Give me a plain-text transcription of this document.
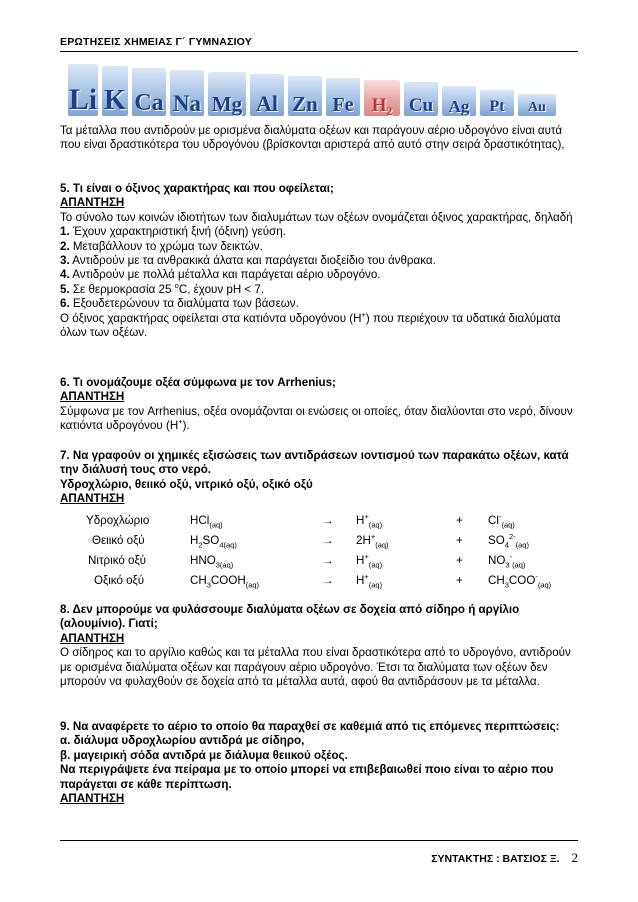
ΕΡΩΤΗΣΕΙΣ ΧΗΜΕΙΑΣ Γ΄ ΓΥΜΝΑΣΙΟΥ
Li K Ca Na Mg Al Zn Fe H₂ Cu Ag Pt Au

Τα μέταλλα που αντιδρούν με ορισμένα διαλύματα οξέων και παράγουν αέριο υδρογόνο είναι αυτά που είναι δραστικότερα του υδρογόνου (βρίσκονται αριστερά από αυτό στην σειρά δραστικότητας),

5. Τι είναι ο όξινος χαρακτήρας και που οφείλεται;

ΑΠΑΝΤΗΣΗ

Το σύνολο των κοινών ιδιοτήτων των διαλυμάτων των οξέων ονομάζεται όξινος χαρακτήρας, δηλαδή

1. Έχουν χαρακτηριστική ξινή (όξινη) γεύση.

2. Μεταβάλλουν το χρώμα των δεικτών.

3. Αντιδρούν με τα ανθρακικά άλατα και παράγεται διοξείδιο του άνθρακα.

4. Αντιδρούν με πολλά μέταλλα και παράγεται αέριο υδρογόνο.

5. Σε θερμοκρασία 25 $^o$C, έχουν pH < 7.

6. Εξουδετερώνουν τα διαλύματα των βάσεων.

Ο όξινος χαρακτήρας οφείλεται στα κατιόντα υδρογόνου (H+) που περιέχουν τα υδατικά διαλύματα όλων των οξέων.

6. Τι ονομάζουμε οξέα σύμφωνα με τον Arrhenius;

ΑΠΑΝΤΗΣΗ

Σύμφωνα με τον Arrhenius, οξέα ονομάζονται οι ενώσεις οι οποίες, όταν διαλύονται στο νερό, δίνουν κατιόντα υδρογόνου (H+).

7. Να γραφούν οι χημικές εξισώσεις των αντιδράσεων ιοντισμού των παρακάτω οξέων, κατά την διάλυσή τους στο νερό.

Υδροχλώριο, θειικό οξύ, νιτρικό οξύ, οξικό οξύ

ΑΠΑΝΤΗΣΗ

Υδροχλώριο	HCl$_{(aq)}$	→ $H^+_{(aq)}$	+ $Cl^-_{(aq)}$
Θειικό οξύ	$H_2SO_{4(aq)}$	→ $2H^+_{(aq)}$	+ $SO_4^{2-}_{(aq)}$
Νιτρικό οξύ	$HNO_{3(aq)}$	→ $H^+_{(aq)}$	+ $NO_3^-_{(aq)}$
Οξικό οξύ	$CH_3COOH_{(aq)}$	→ $H^+_{(aq)}$	+ $CH_3COO^-_{(aq)}$

8. Δεν μπορούμε να φυλάσσουμε διαλύματα οξέων σε δοχεία από σίδηρο ή αργίλιο (αλουμίνιο). Γιατί;

ΑΠΑΝΤΗΣΗ

Ο σίδηρος και το αργίλιο καθώς και τα μέταλλα που είναι δραστικότερα από το υδρογόνο, αντιδρούν με ορισμένα διαλύματα οξέων και παράγουν αέριο υδρογόνο. Έτσι τα διαλύματα των οξέων δεν μπορούν να φυλαχθούν σε δοχεία από τα μέταλλα αυτά, αφού θα αντιδράσουν με τα μέταλλα.

9. Να αναφέρετε το αέριο το οποίο θα παραχθεί σε καθεμιά από τις επόμενες περιπτώσεις:

α. διάλυμα υδροχλωρίου αντιδρά με σίδηρο,

β. μαγειρική σόδα αντιδρά με διάλυμα θειικού οξέος.

Να περιγράψετε ένα πείραμα με το οποίο μπορεί να επιβεβαιωθεί ποιο είναι το αέριο που παράγεται σε κάθε περίπτωση.

ΑΠΑΝΤΗΣΗ

ΣΥΝΤΑΚΤΗΣ : ΒΑΤΣΙΟΣ Ξ. 2
